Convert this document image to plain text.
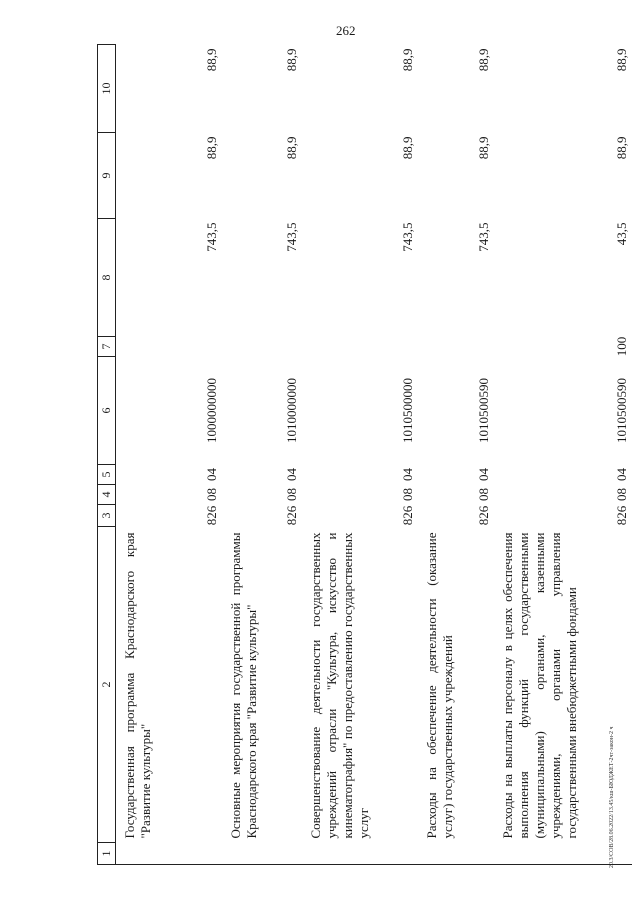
262
20.3/СОВ/28.06.2022/13.45/кш-БЮДЖЕТ-2чт-закон-2 ч
1	2	3	4	5	6	7	8	9	10
	Государственная программа Краснодарского края "Развитие культуры"	826	08	04	1000000000		743,5	88,9	88,9
	Основные мероприятия государственной программы Краснодарского края "Развитие культуры"	826	08	04	1010000000		743,5	88,9	88,9
	Совершенствование деятельности государственных учреждений отрасли "Культура, искусство и кинематография" по предоставлению государственных услуг	826	08	04	1010500000		743,5	88,9	88,9
	Расходы на обеспечение деятельности (оказание услуг) государственных учреждений	826	08	04	1010500590		743,5	88,9	88,9
	Расходы на выплаты персоналу в целях обеспечения выполнения функций государственными (муниципальными) органами, казенными учреждениями, органами управления государственными внебюджетными фондами	826	08	04	1010500590	100	43,5	88,9	88,9
